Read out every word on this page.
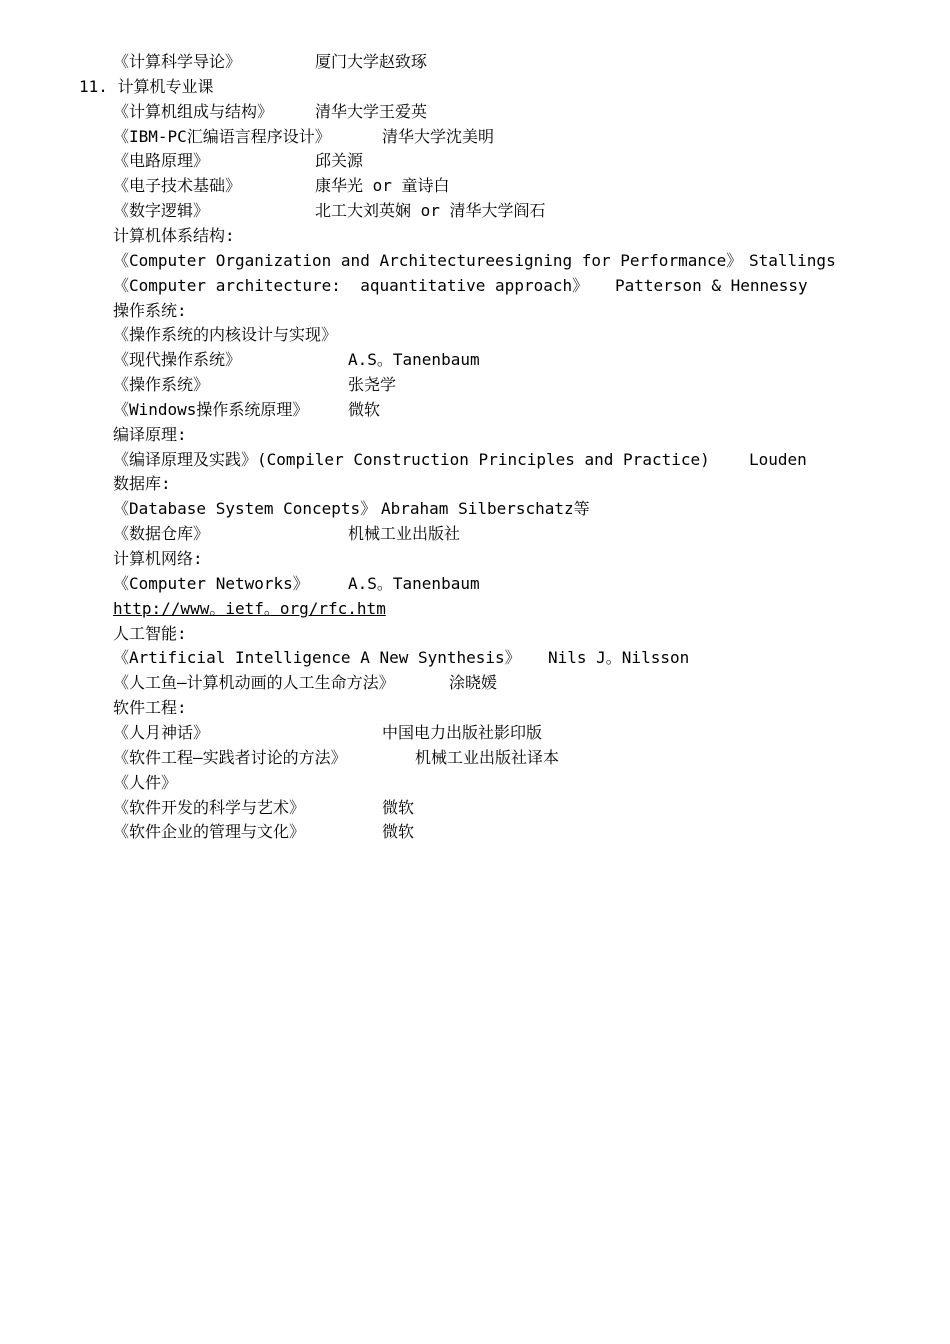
《计算科学导论》	厦门大学赵致琢
11. 计算机专业课
《计算机组成与结构》	清华大学王爱英
《IBM-PC汇编语言程序设计》	清华大学沈美明
《电路原理》	邱关源
《电子技术基础》	康华光 or 童诗白
《数字逻辑》	北工大刘英娴 or 清华大学阎石
计算机体系结构:
《Computer Organization and Architectureesigning for Performance》 Stallings
《Computer architecture:  aquantitative approach》 Patterson & Hennessy
操作系统:
《操作系统的内核设计与实现》
《现代操作系统》	A.S。Tanenbaum
《操作系统》	张尧学
《Windows操作系统原理》 微软
编译原理:
《编译原理及实践》(Compiler Construction Principles and Practice) Louden
数据库:
《Database System Concepts》 Abraham Silberschatz等
《数据仓库》	机械工业出版社
计算机网络:
《Computer Networks》 A.S。Tanenbaum
http://www。ietf。org/rfc.htm
人工智能:
《Artificial Intelligence A New Synthesis》 Nils J。Nilsson
《人工鱼—计算机动画的人工生命方法》	涂晓媛
软件工程:
《人月神话》	中国电力出版社影印版
《软件工程—实践者讨论的方法》	机械工业出版社译本
《人件》
《软件开发的科学与艺术》	微软
《软件企业的管理与文化》	微软
